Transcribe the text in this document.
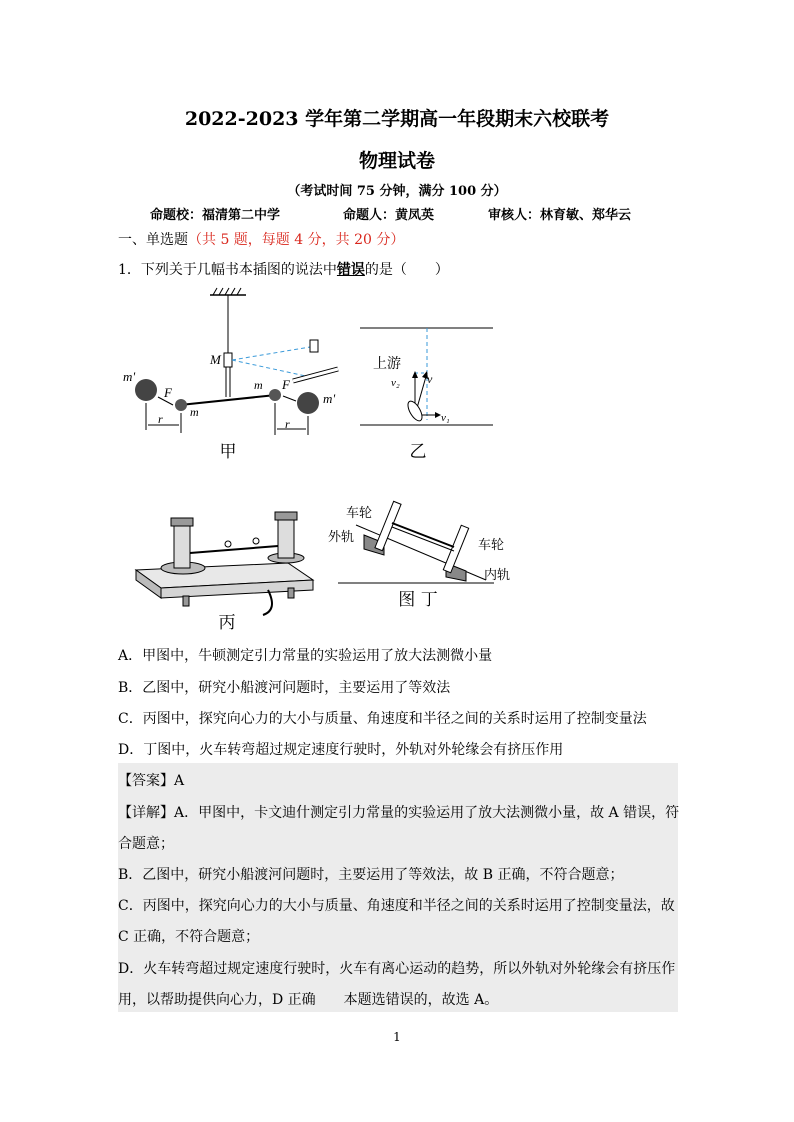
2022-2023 学年第二学期高一年段期末六校联考
物理试卷
（考试时间 75 分钟，满分 100 分）
命题校：福清第二中学	命题人：黄凤英	审核人：林育敏、郑华云
一、单选题（共 5 题，每题 4 分，共 20 分）
1．下列关于几幅书本插图的说法中错误的是（　　）
M
m'
F
m
m F
m'
r	r
甲
上游
v₂ v
v₁
乙
丙
车轮
外轨
车轮
内轨
图 丁
A．甲图中，牛顿测定引力常量的实验运用了放大法测微小量
B．乙图中，研究小船渡河问题时，主要运用了等效法
C．丙图中，探究向心力的大小与质量、角速度和半径之间的关系时运用了控制变量法
D．丁图中，火车转弯超过规定速度行驶时，外轨对外轮缘会有挤压作用
【答案】A
【详解】A．甲图中，卡文迪什测定引力常量的实验运用了放大法测微小量，故 A 错误，符
合题意；
B．乙图中，研究小船渡河问题时，主要运用了等效法，故 B 正确，不符合题意；
C．丙图中，探究向心力的大小与质量、角速度和半径之间的关系时运用了控制变量法，故
C 正确，不符合题意；
D．火车转弯超过规定速度行驶时，火车有离心运动的趋势，所以外轨对外轮缘会有挤压作
用，以帮助提供向心力，D 正确　　本题选错误的，故选 A。
1
